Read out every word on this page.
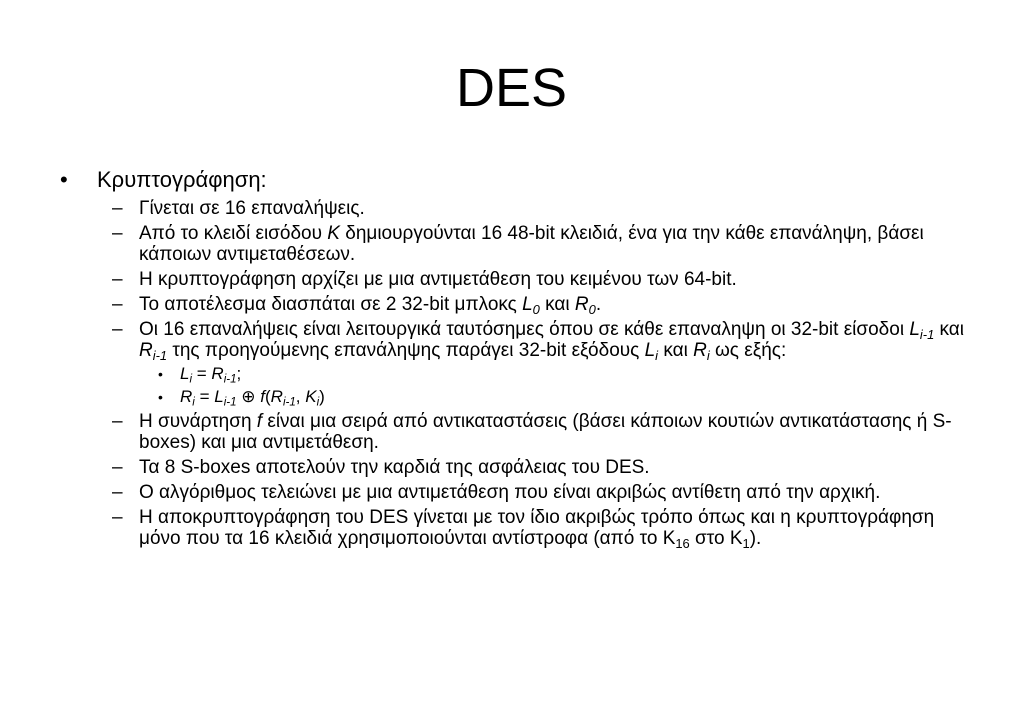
DES
• Κρυπτογράφηση:
– Γίνεται σε 16 επαναλήψεις.
– Από το κλειδί εισόδου K δημιουργούνται 16 48-bit κλειδιά, ένα για την κάθε επανάληψη, βάσει κάποιων αντιμεταθέσεων.
– Η κρυπτογράφηση αρχίζει με μια αντιμετάθεση του κειμένου των 64-bit.
– Το αποτέλεσμα διασπάται σε 2 32-bit μπλοκς $L_0$ και $R_0$.
– Οι 16 επαναλήψεις είναι λειτουργικά ταυτόσημες όπου σε κάθε επαναληψη οι 32-bit είσοδοι $L_{i-1}$ και $R_{i-1}$ της προηγούμενης επανάληψης παράγει 32-bit εξόδους $L_i$ και $R_i$ ως εξής:
• $L_i = R_{i-1}$;
• $R_i = L_{i-1}$ ⊕ $f(R_{i-1}$, $K_i$)
– Η συνάρτηση f είναι μια σειρά από αντικαταστάσεις (βάσει κάποιων κουτιών αντικατάστασης ή S-boxes) και μια αντιμετάθεση.
– Τα 8 S-boxes αποτελούν την καρδιά της ασφάλειας του DES.
– Ο αλγόριθμος τελειώνει με μια αντιμετάθεση που είναι ακριβώς αντίθετη από την αρχική.
– Η αποκρυπτογράφηση του DES γίνεται με τον ίδιο ακριβώς τρόπο όπως και η κρυπτογράφηση μόνο που τα 16 κλειδιά χρησιμοποιούνται αντίστροφα (από το $K_{16}$ στο $K_1$).
